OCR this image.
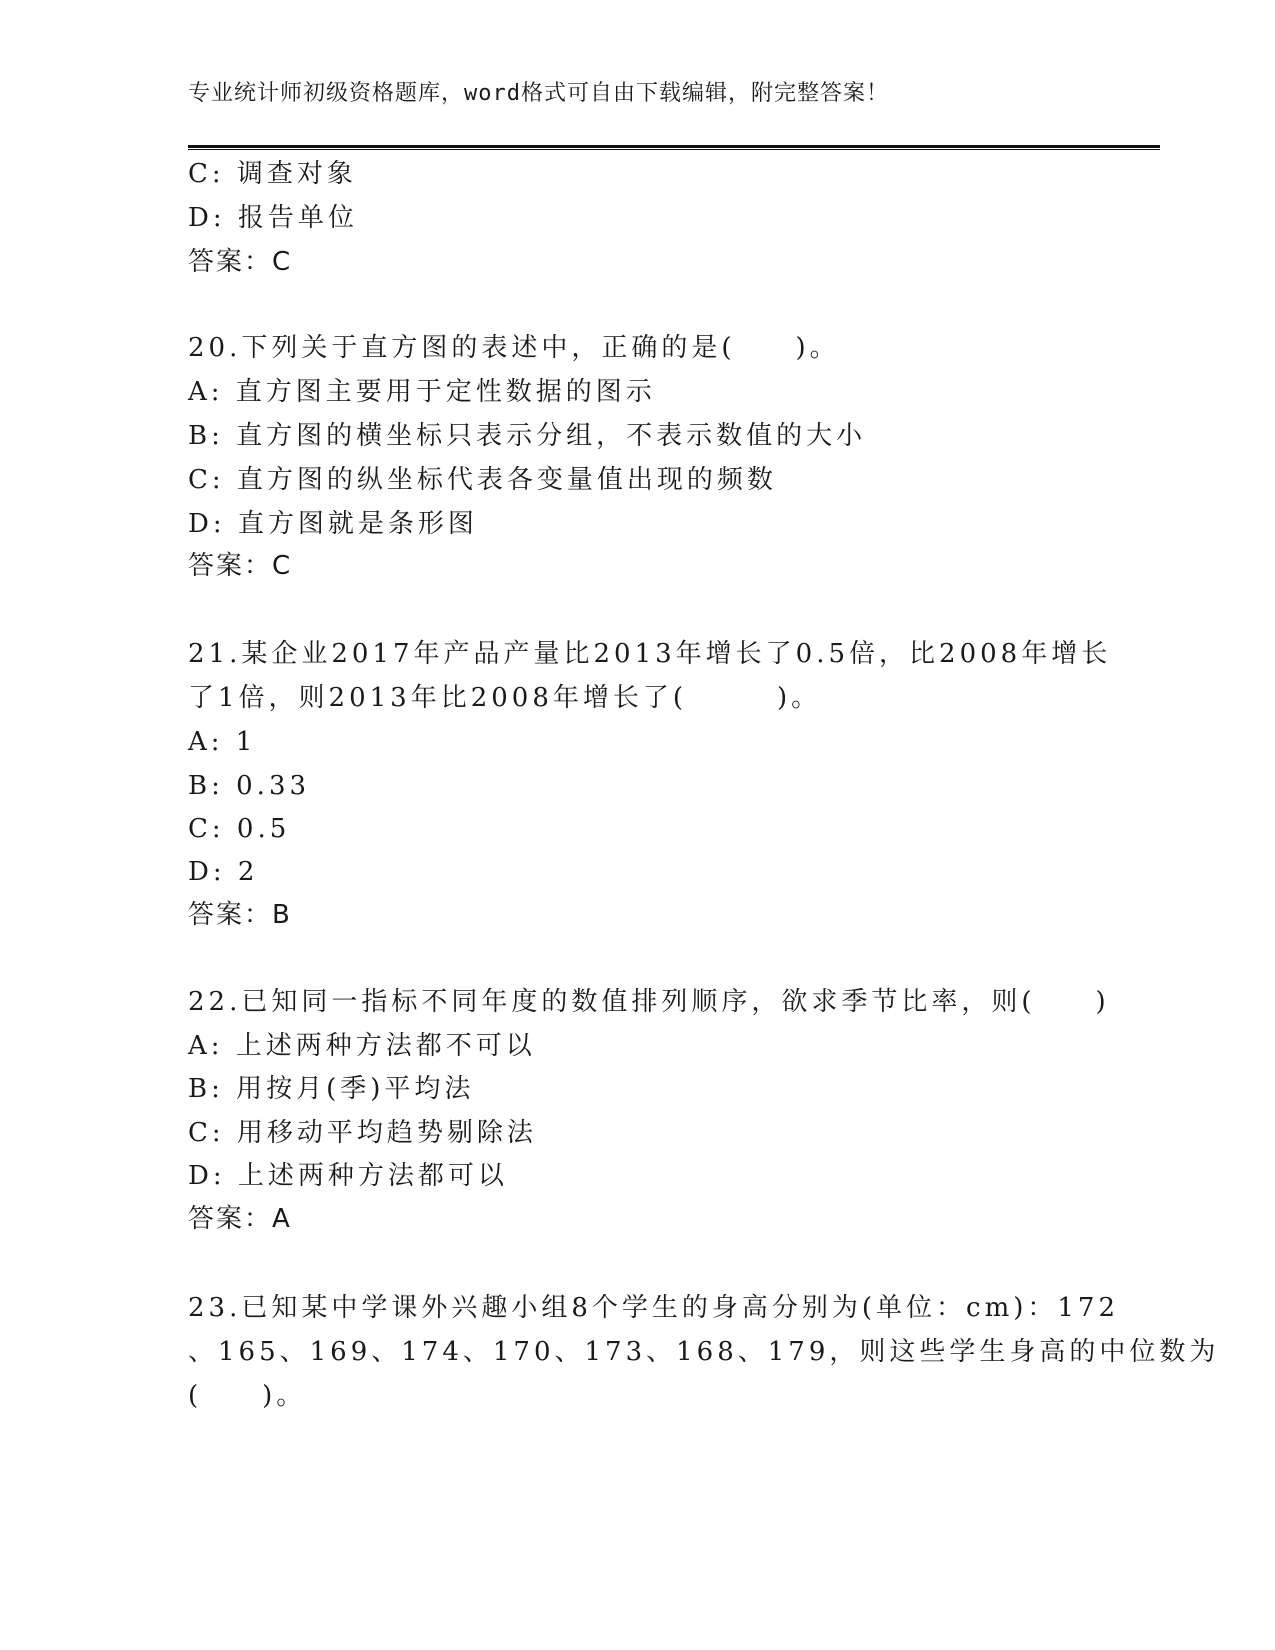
专业统计师初级资格题库，word格式可自由下载编辑，附完整答案！
C: 调查对象
D: 报告单位
答案：C
20.下列关于直方图的表述中，正确的是(　　)。
A: 直方图主要用于定性数据的图示
B: 直方图的横坐标只表示分组，不表示数值的大小
C: 直方图的纵坐标代表各变量值出现的频数
D: 直方图就是条形图
答案：C
21.某企业2017年产品产量比2013年增长了0.5倍，比2008年增长
了1倍，则2013年比2008年增长了(　　　)。
A: 1
B: 0.33
C: 0.5
D: 2
答案：B
22.已知同一指标不同年度的数值排列顺序，欲求季节比率，则(　　)
A: 上述两种方法都不可以
B: 用按月(季)平均法
C: 用移动平均趋势剔除法
D: 上述两种方法都可以
答案：A
23.已知某中学课外兴趣小组8个学生的身高分别为(单位：cm)：172
、165、169、174、170、173、168、179，则这些学生身高的中位数为
(　　)。
